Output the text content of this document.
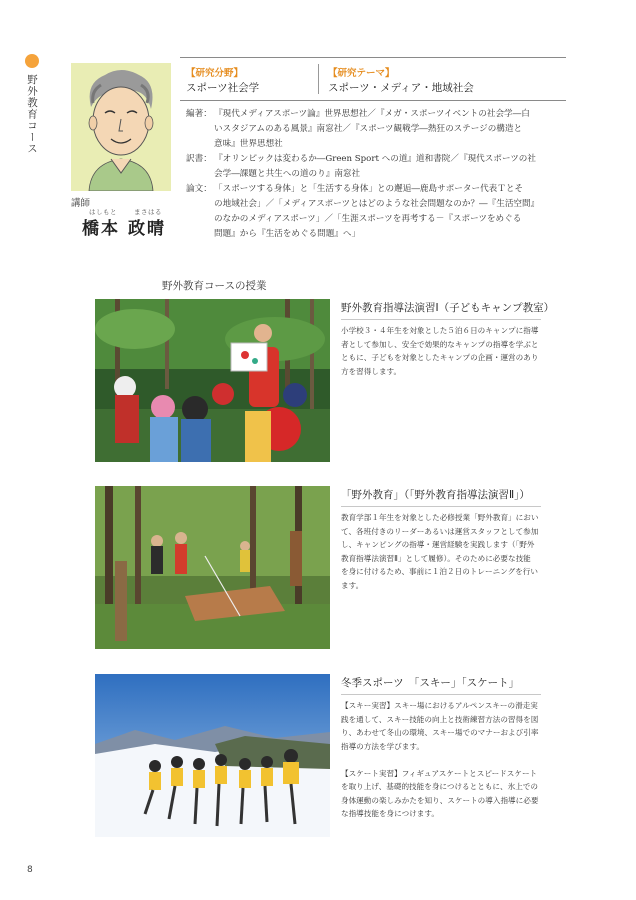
野外教育コース
【研究分野】
スポーツ社会学
【研究テーマ】
スポーツ・メディア・地域社会
編著： 『現代メディアスポーツ論』世界思想社／『メガ・スポーツイベントの社会学―白
いスタジアムのある風景』南窓社／『スポーツ観戦学―熱狂のステージの構造と
意味』世界思想社
訳書： 『オリンピックは変わるか―Green Sport への道』道和書院／『現代スポーツの社
会学―課題と共生への道のり』南窓社
論文： 「スポーツする身体」と「生活する身体」との邂逅―鹿島サポーター代表Ｔとそ
の地域社会」／「メディアスポーツとはどのような社会問題なのか？―『生活空間』
のなかのメディアスポーツ」／「生涯スポーツを再考する－『スポーツをめぐる
問題』から『生活をめぐる問題』へ」
講師
はしもと	まさはる
橋本 政晴
野外教育コースの授業
野外教育指導法演習Ⅰ（子どもキャンプ教室）
小学校３・４年生を対象とした５泊６日のキャンプに指導
者として参加し、安全で効果的なキャンプの指導を学ぶと
ともに、子どもを対象としたキャンプの企画・運営のあり
方を習得します。
「野外教育」（「野外教育指導法演習Ⅱ」）
教育学部１年生を対象とした必修授業「野外教育」におい
て、各班付きのリーダーあるいは運営スタッフとして参加
し、キャンピングの指導・運営経験を実践します（「野外
教育指導法演習Ⅱ」として履修）。そのために必要な技能
を身に付けるため、事前に１泊２日のトレーニングを行い
ます。
冬季スポーツ　「スキー」「スケート」
【スキー実習】スキー場におけるアルペンスキーの滑走実
践を通して、スキー技能の向上と技術練習方法の習得を図
り、あわせて冬山の環境、スキー場でのマナーおよび引率
指導の方法を学びます。
【スケート実習】フィギュアスケートとスピードスケート
を取り上げ、基礎的技能を身につけるとともに、氷上での
身体運動の楽しみかたを知り、スケートの導入指導に必要
な指導技能を身につけます。
8
